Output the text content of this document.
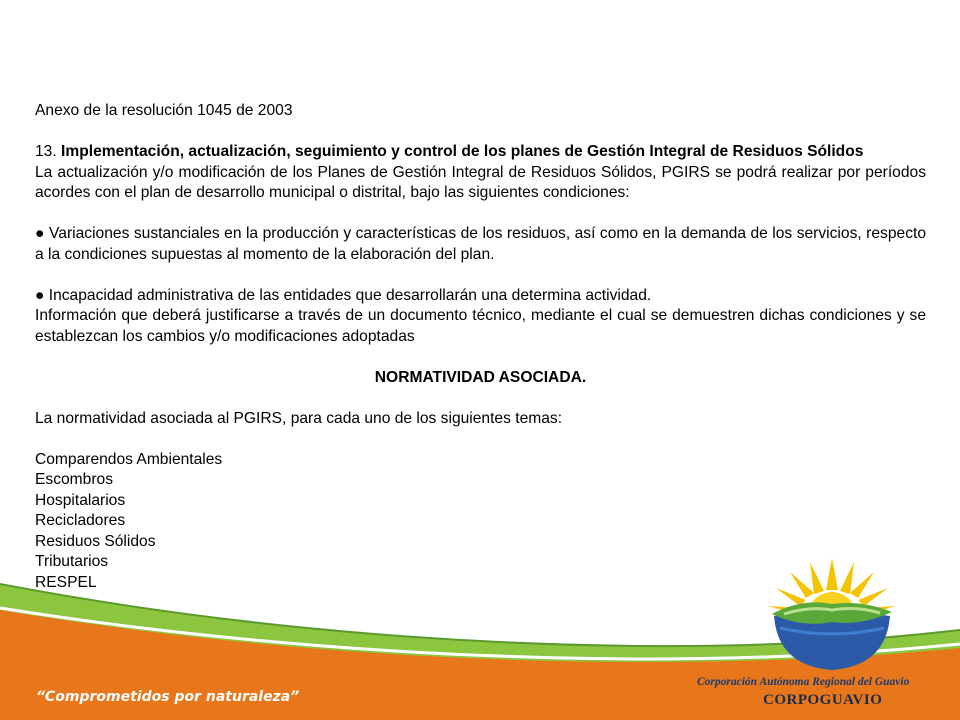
Anexo de la resolución 1045 de 2003

13. Implementación, actualización, seguimiento y control de los planes de Gestión Integral de Residuos Sólidos

La actualización y/o modificación de los Planes de Gestión Integral de Residuos Sólidos, PGIRS se podrá realizar por períodos acordes con el plan de desarrollo municipal o distrital, bajo las siguientes condiciones:

● Variaciones sustanciales en la producción y características de los residuos, así como en la demanda de los servicios, respecto a la condiciones supuestas al momento de la elaboración del plan.

● Incapacidad administrativa de las entidades que desarrollarán una determina actividad.

Información que deberá justificarse a través de un documento técnico, mediante el cual se demuestren dichas condiciones y se establezcan los cambios y/o modificaciones adoptadas

NORMATIVIDAD ASOCIADA.

La normatividad asociada al PGIRS, para cada uno de los siguientes temas:

Comparendos Ambientales

Escombros

Hospitalarios

Recicladores

Residuos Sólidos

Tributarios

RESPEL

“Comprometidos por naturaleza”
Corporación Autónoma Regional del Guavio
CORPOGUAVIO
